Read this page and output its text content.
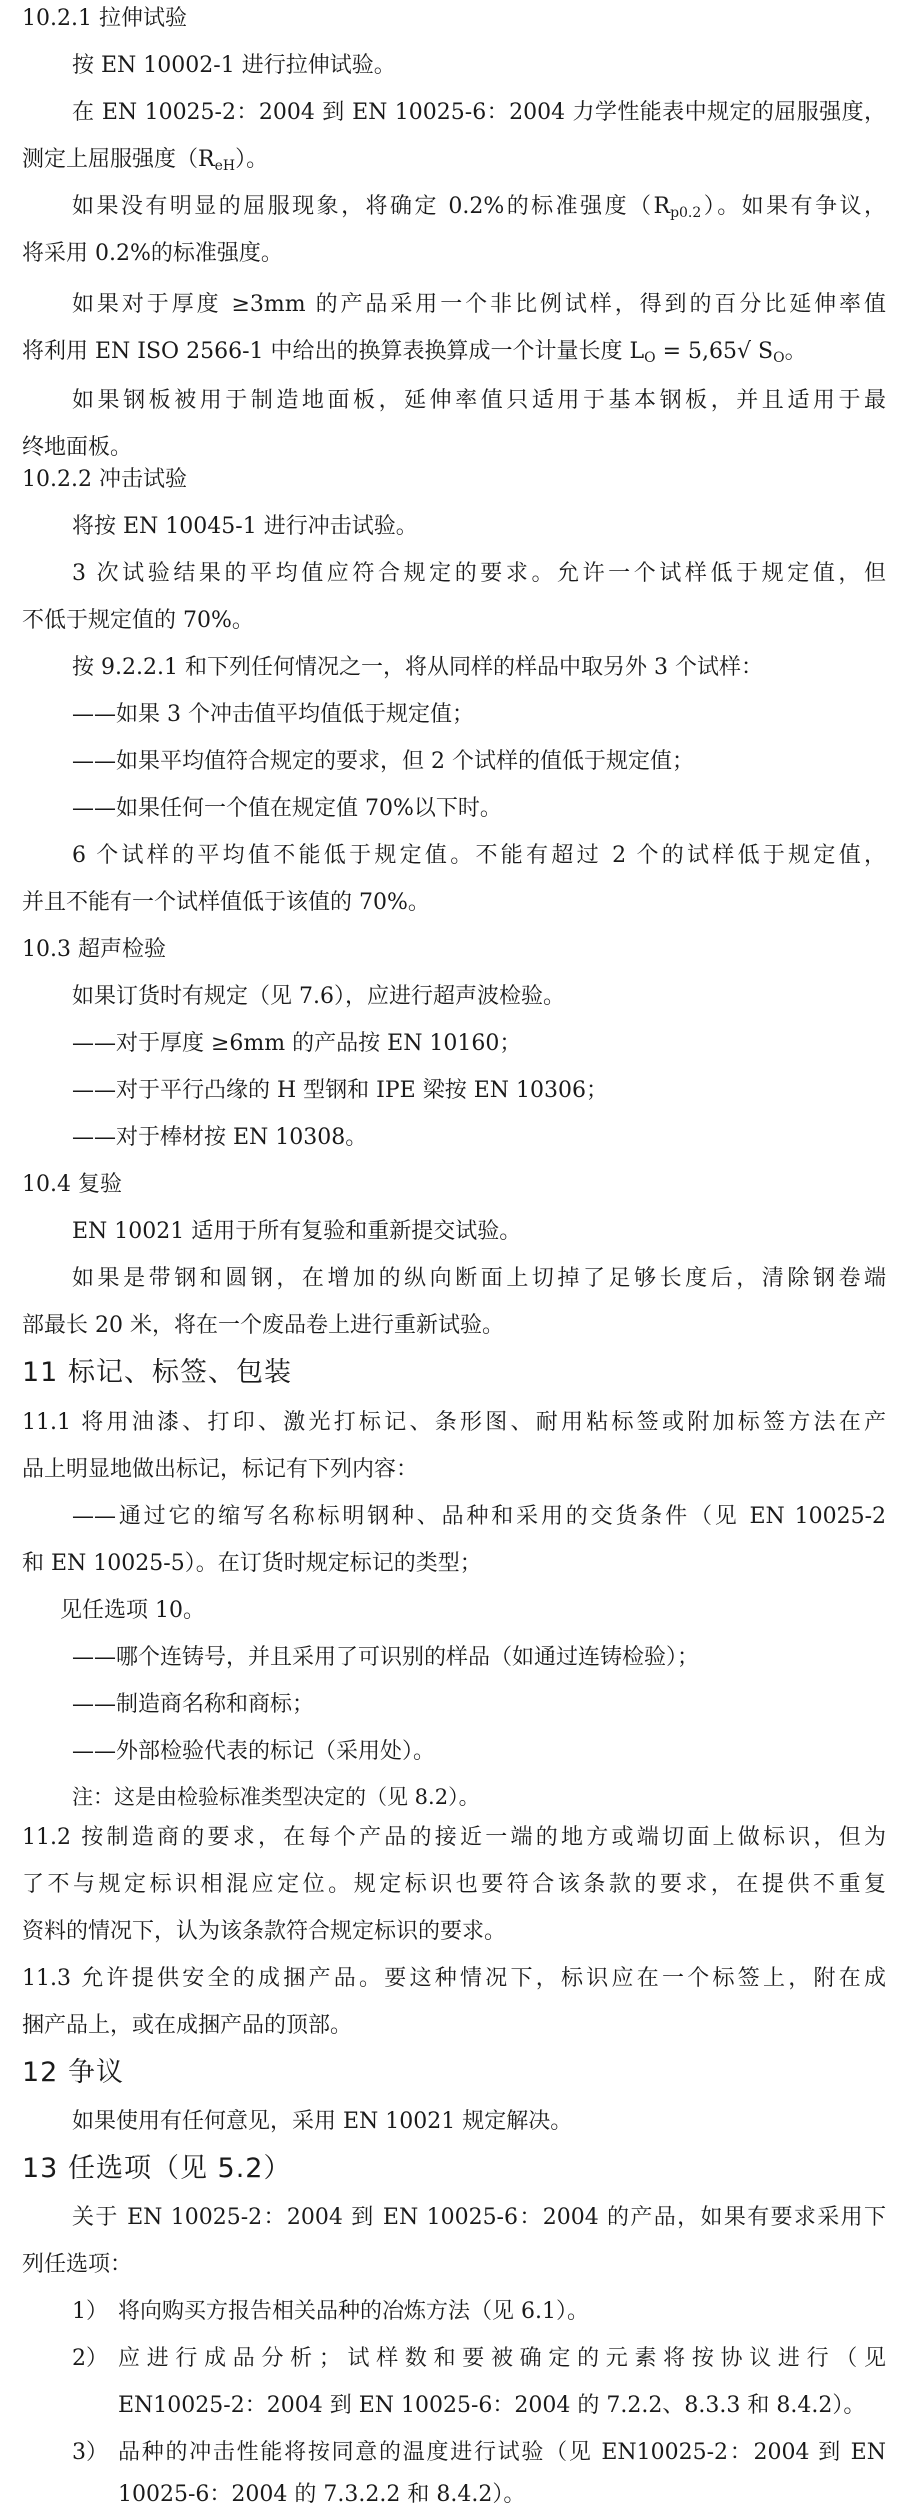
10.2.1 拉伸试验
按 EN 10002-1 进行拉伸试验。
在 EN 10025-2：2004 到 EN 10025-6：2004 力学性能表中规定的屈服强度，
测定上屈服强度$(R_{eH})$。
如果没有明显的屈服现象，将确定 0.2%的标准强度$(R_{p0.2})$。如果有争议，
将采用 0.2%的标准强度。
如果对于厚度 ≥3mm 的产品采用一个非比例试样，得到的百分比延伸率值
将利用 EN ISO 2566-1 中给出的换算表换算成一个计量长度 $L_O = 5,65√$ $S_O$。
如果钢板被用于制造地面板，延伸率值只适用于基本钢板，并且适用于最
终地面板。
10.2.2 冲击试验
将按 EN 10045-1 进行冲击试验。
3 次试验结果的平均值应符合规定的要求。允许一个试样低于规定值，但
不低于规定值的 70%。
按 9.2.2.1 和下列任何情况之一，将从同样的样品中取另外 3 个试样：
——如果 3 个冲击值平均值低于规定值；
——如果平均值符合规定的要求，但 2 个试样的值低于规定值；
——如果任何一个值在规定值 70%以下时。
6 个试样的平均值不能低于规定值。不能有超过 2 个的试样低于规定值，
并且不能有一个试样值低于该值的 70%。
10.3 超声检验
如果订货时有规定（见 7.6），应进行超声波检验。
——对于厚度 ≥6mm 的产品按 EN 10160；
——对于平行凸缘的 H 型钢和 IPE 梁按 EN 10306；
——对于棒材按 EN 10308。
10.4 复验
EN 10021 适用于所有复验和重新提交试验。
如果是带钢和圆钢，在增加的纵向断面上切掉了足够长度后，清除钢卷端
部最长 20 米，将在一个废品卷上进行重新试验。
11 标记、标签、包装
11.1 将用油漆、打印、激光打标记、条形图、耐用粘标签或附加标签方法在产
品上明显地做出标记，标记有下列内容：
——通过它的缩写名称标明钢种、品种和采用的交货条件（见 EN 10025-2
和 EN 10025-5）。在订货时规定标记的类型；
见任选项 10。
——哪个连铸号，并且采用了可识别的样品（如通过连铸检验）；
——制造商名称和商标；
——外部检验代表的标记（采用处）。
注：这是由检验标准类型决定的（见 8.2）。
11.2 按制造商的要求，在每个产品的接近一端的地方或端切面上做标识，但为
了不与规定标识相混应定位。规定标识也要符合该条款的要求，在提供不重复
资料的情况下，认为该条款符合规定标识的要求。
11.3 允许提供安全的成捆产品。要这种情况下，标识应在一个标签上，附在成
捆产品上，或在成捆产品的顶部。
12 争议
如果使用有任何意见，采用 EN 10021 规定解决。
13 任选项（见 5.2）
关于 EN 10025-2：2004 到 EN 10025-6：2004 的产品，如果有要求采用下
列任选项：
1） 将向购买方报告相关品种的冶炼方法（见 6.1）。
2） 应进行成品分析；试样数和要被确定的元素将按协议进行（见
EN10025-2：2004 到 EN 10025-6：2004 的 7.2.2、8.3.3 和 8.4.2）。
3） 品种的冲击性能将按同意的温度进行试验（见 EN10025-2：2004 到 EN
10025-6：2004 的 7.3.2.2 和 8.4.2）。
